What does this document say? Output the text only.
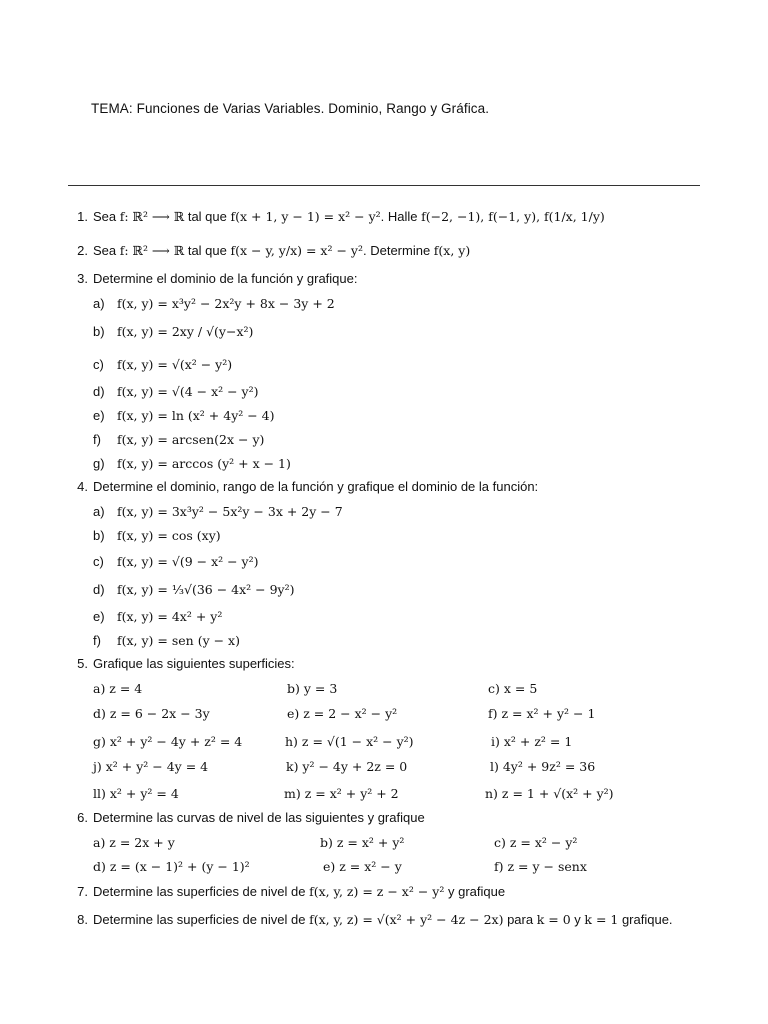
TEMA: Funciones de Varias Variables. Dominio, Rango y Gráfica.
1. Sea f: ℝ² ⟶ ℝ tal que f(x + 1, y − 1) = x² − y². Halle f(−2, −1), f(−1, y), f(1/x, 1/y)
2. Sea f: ℝ² ⟶ ℝ tal que f(x − y, y/x) = x² − y². Determine f(x, y)
3. Determine el dominio de la función y grafique:
a) f(x, y) = x³y² − 2x²y + 8x − 3y + 2
b) f(x, y) = 2xy / √(y−x²)
c) f(x, y) = √(x² − y²)
d) f(x, y) = √(4 − x² − y²)
e) f(x, y) = ln (x² + 4y² − 4)
f) f(x, y) = arcsen(2x − y)
g) f(x, y) = arccos (y² + x − 1)
4. Determine el dominio, rango de la función y grafique el dominio de la función:
a) f(x, y) = 3x³y² − 5x²y − 3x + 2y − 7
b) f(x, y) = cos (xy)
c) f(x, y) = √(9 − x² − y²)
d) f(x, y) = ⅓√(36 − 4x² − 9y²)
e) f(x, y) = 4x² + y²
f) f(x, y) = sen (y − x)
5. Grafique las siguientes superficies:
a) z = 4	b) y = 3	c) x = 5
d) z = 6 − 2x − 3y	e) z = 2 − x² − y²	f) z = x² + y² − 1
g) x² + y² − 4y + z² = 4	h) z = √(1 − x² − y²)	i) x² + z² = 1
j) x² + y² − 4y = 4	k) y² − 4y + 2z = 0	l) 4y² + 9z² = 36
ll) x² + y² = 4	m) z = x² + y² + 2	n) z = 1 + √(x² + y²)
6. Determine las curvas de nivel de las siguientes y grafique
a) z = 2x + y	b) z = x² + y²	c) z = x² − y²
d) z = (x − 1)² + (y − 1)²	e) z = x² − y	f) z = y − senx
7. Determine las superficies de nivel de f(x, y, z) = z − x² − y² y grafique
8. Determine las superficies de nivel de f(x, y, z) = √(x² + y² − 4z − 2x) para k = 0 y k = 1 grafique.
